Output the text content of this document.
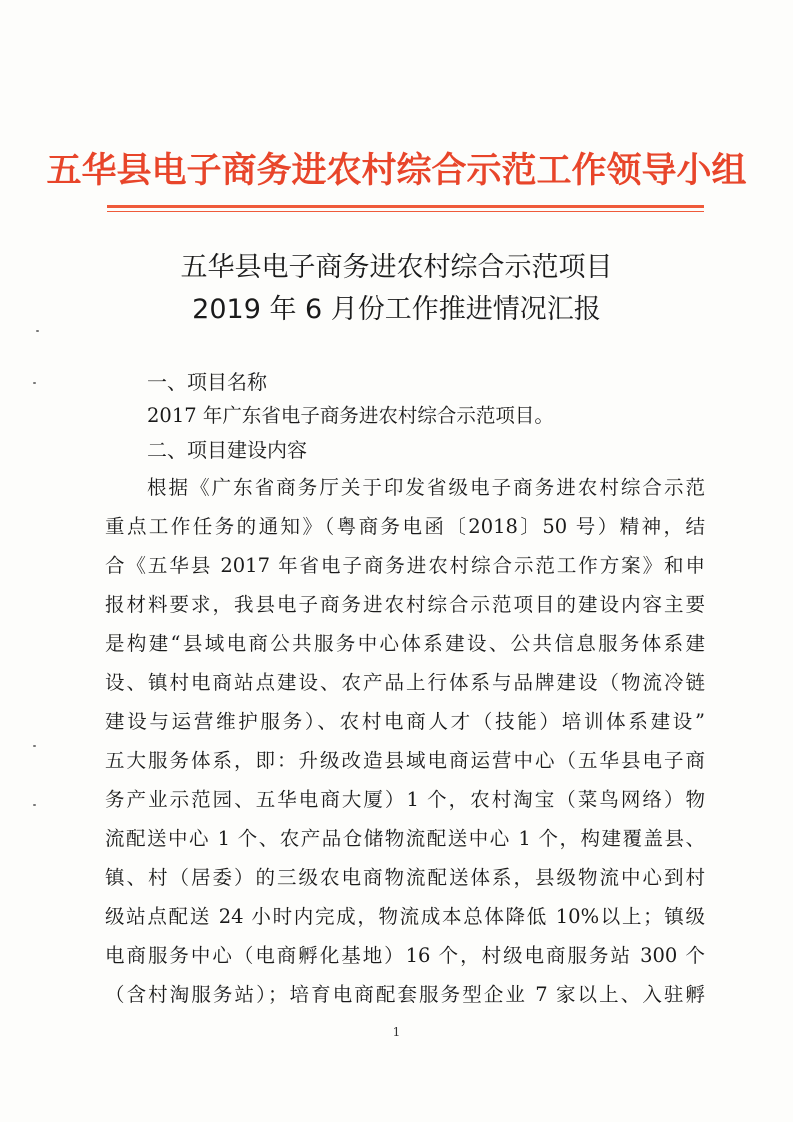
五华县电子商务进农村综合示范工作领导小组
五华县电子商务进农村综合示范项目
2019 年 6 月份工作推进情况汇报
一、项目名称
2017 年广东省电子商务进农村综合示范项目。
二、项目建设内容
根据《广东省商务厅关于印发省级电子商务进农村综合示范
重点工作任务的通知》（粤商务电函〔2018〕50 号）精神，结
合《五华县 2017 年省电子商务进农村综合示范工作方案》和申
报材料要求，我县电子商务进农村综合示范项目的建设内容主要
是构建“县域电商公共服务中心体系建设、公共信息服务体系建
设、镇村电商站点建设、农产品上行体系与品牌建设（物流冷链
建设与运营维护服务）、农村电商人才（技能）培训体系建设”
五大服务体系，即：升级改造县域电商运营中心（五华县电子商
务产业示范园、五华电商大厦）1 个，农村淘宝（菜鸟网络）物
流配送中心 1 个、农产品仓储物流配送中心 1 个，构建覆盖县、
镇、村（居委）的三级农电商物流配送体系，县级物流中心到村
级站点配送 24 小时内完成，物流成本总体降低 10%以上；镇级
电商服务中心（电商孵化基地）16 个，村级电商服务站 300 个
（含村淘服务站）；培育电商配套服务型企业 7 家以上、入驻孵
1
